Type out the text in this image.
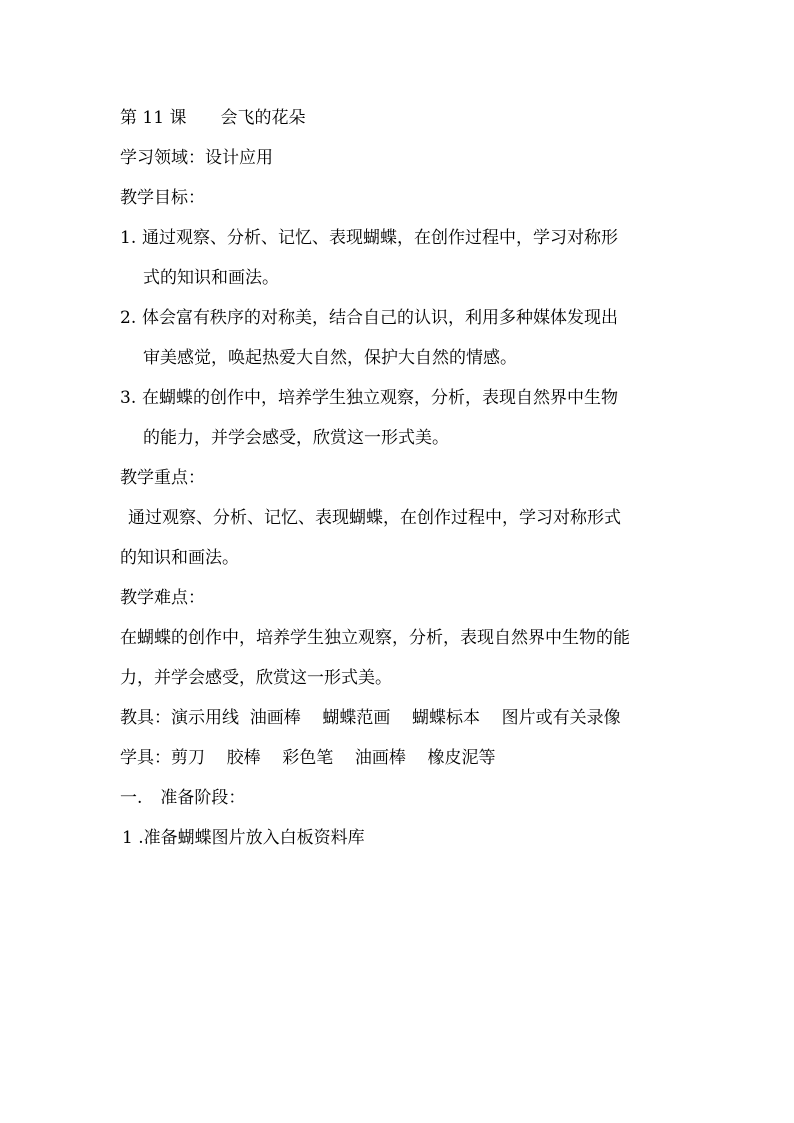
第 11 课 会飞的花朵
学习领域：设计应用
教学目标：
1. 通过观察、分析、记忆、表现蝴蝶，在创作过程中，学习对称形
式的知识和画法。
2. 体会富有秩序的对称美，结合自己的认识，利用多种媒体发现出
审美感觉，唤起热爱大自然，保护大自然的情感。
3. 在蝴蝶的创作中，培养学生独立观察，分析，表现自然界中生物
的能力，并学会感受，欣赏这一形式美。
教学重点：
通过观察、分析、记忆、表现蝴蝶，在创作过程中，学习对称形式
的知识和画法。
教学难点：
在蝴蝶的创作中，培养学生独立观察，分析，表现自然界中生物的能
力，并学会感受，欣赏这一形式美。
教具：演示用线  油画棒    蝴蝶范画    蝴蝶标本    图片或有关录像
学具：剪刀    胶棒    彩色笔    油画棒    橡皮泥等
一. 准备阶段：
1 .准备蝴蝶图片放入白板资料库
